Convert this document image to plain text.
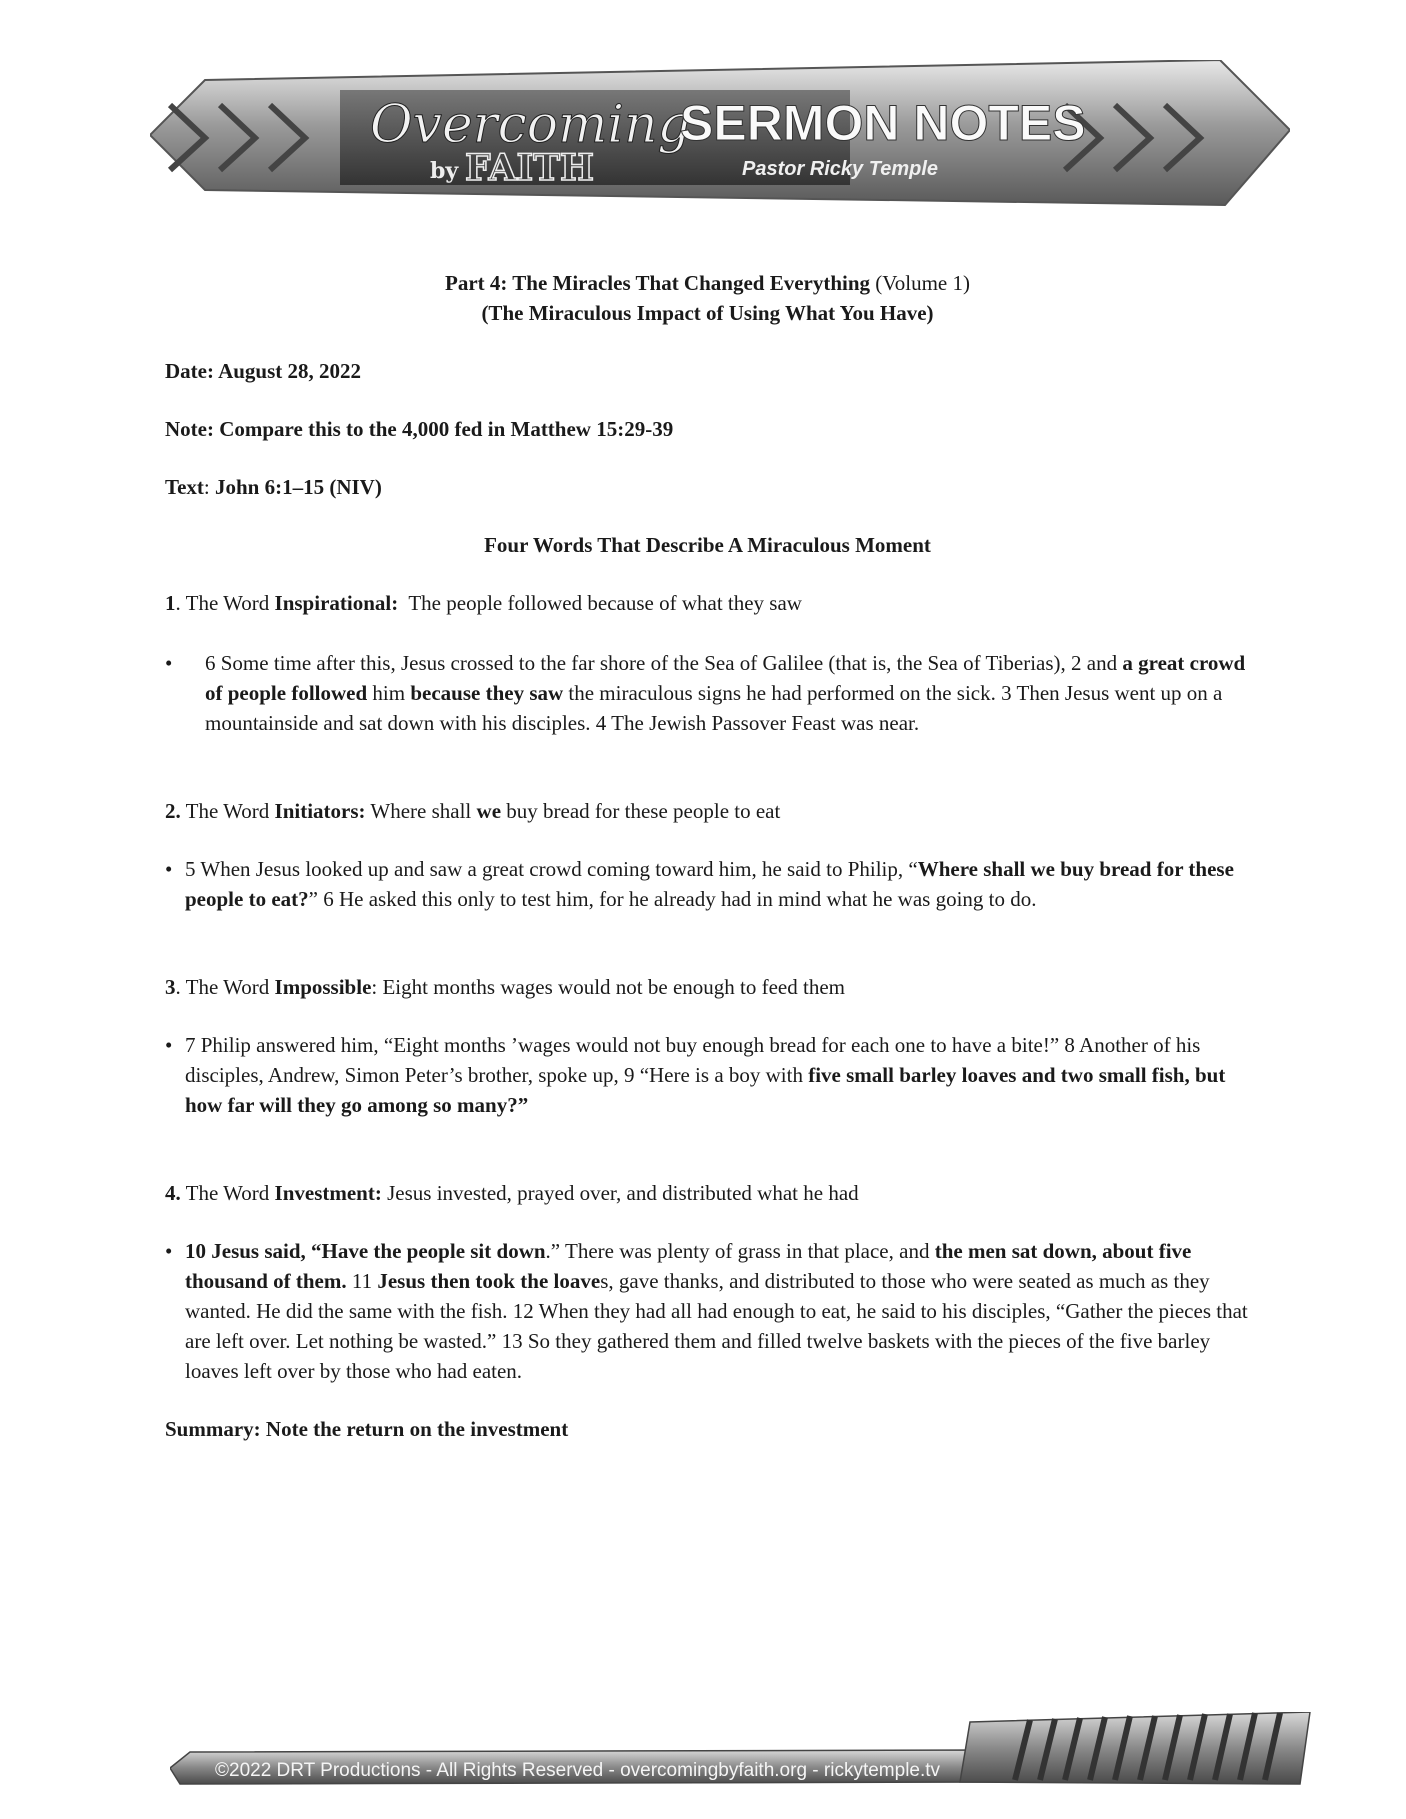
Overcoming
by FAITH
SERMON NOTES
Pastor Ricky Temple

Part 4: The Miracles That Changed Everything (Volume 1)

(The Miraculous Impact of Using What You Have)

Date: August 28, 2022

Note: Compare this to the 4,000 fed in Matthew 15:29-39

Text: John 6:1–15 (NIV)

Four Words That Describe A Miraculous Moment

1. The Word Inspirational:  The people followed because of what they saw

• 6 Some time after this, Jesus crossed to the far shore of the Sea of Galilee (that is, the Sea of Tiberias), 2 and a great crowd of people followed him because they saw the miraculous signs he had performed on the sick. 3 Then Jesus went up on a mountainside and sat down with his disciples. 4 The Jewish Passover Feast was near.

2. The Word Initiators: Where shall we buy bread for these people to eat

• 5 When Jesus looked up and saw a great crowd coming toward him, he said to Philip, “Where shall we buy bread for these people to eat?” 6 He asked this only to test him, for he already had in mind what he was going to do.

3. The Word Impossible: Eight months wages would not be enough to feed them

• 7 Philip answered him, “Eight months ’wages would not buy enough bread for each one to have a bite!” 8 Another of his disciples, Andrew, Simon Peter’s brother, spoke up, 9 “Here is a boy with five small barley loaves and two small fish, but how far will they go among so many?”

4. The Word Investment: Jesus invested, prayed over, and distributed what he had

• 10 Jesus said, “Have the people sit down.” There was plenty of grass in that place, and the men sat down, about five thousand of them. 11 Jesus then took the loaves, gave thanks, and distributed to those who were seated as much as they wanted. He did the same with the fish. 12 When they had all had enough to eat, he said to his disciples, “Gather the pieces that are left over. Let nothing be wasted.” 13 So they gathered them and filled twelve baskets with the pieces of the five barley loaves left over by those who had eaten.

Summary: Note the return on the investment

©2022 DRT Productions - All Rights Reserved - overcomingbyfaith.org - rickytemple.tv
